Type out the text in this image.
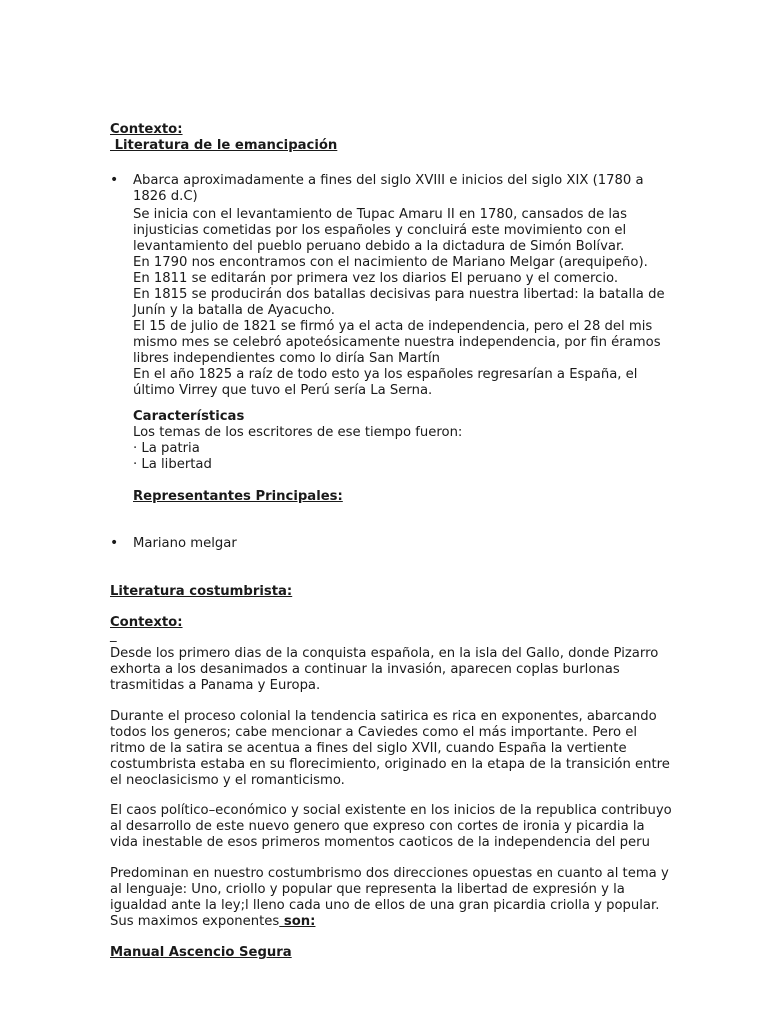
Contexto:
Literatura de le emancipación
• Abarca aproximadamente a fines del siglo XVIII e inicios del siglo XIX (1780 a
1826 d.C)
Se inicia con el levantamiento de Tupac Amaru II en 1780, cansados de las
injusticias cometidas por los españoles y concluirá este movimiento con el
levantamiento del pueblo peruano debido a la dictadura de Simón Bolívar.
En 1790 nos encontramos con el nacimiento de Mariano Melgar (arequipeño).
En 1811 se editarán por primera vez los diarios El peruano y el comercio.
En 1815 se producirán dos batallas decisivas para nuestra libertad: la batalla de
Junín y la batalla de Ayacucho.
El 15 de julio de 1821 se firmó ya el acta de independencia, pero el 28 del mis
mismo mes se celebró apoteósicamente nuestra independencia, por fin éramos
libres independientes como lo diría San Martín
En el año 1825 a raíz de todo esto ya los españoles regresarían a España, el
último Virrey que tuvo el Perú sería La Serna.
Características
Los temas de los escritores de ese tiempo fueron:
· La patria
· La libertad
Representantes Principales:
• Mariano melgar
Literatura costumbrista:
Contexto:
_
Desde los primero dias de la conquista española, en la isla del Gallo, donde Pizarro
exhorta a los desanimados a continuar la invasión, aparecen coplas burlonas
trasmitidas a Panama y Europa.
Durante el proceso colonial la tendencia satirica es rica en exponentes, abarcando
todos los generos; cabe mencionar a Caviedes como el más importante. Pero el
ritmo de la satira se acentua a fines del siglo XVII, cuando España la vertiente
costumbrista estaba en su florecimiento, originado en la etapa de la transición entre
el neoclasicismo y el romanticismo.
El caos político–económico y social existente en los inicios de la republica contribuyo
al desarrollo de este nuevo genero que expreso con cortes de ironia y picardia la
vida inestable de esos primeros momentos caoticos de la independencia del peru
Predominan en nuestro costumbrismo dos direcciones opuestas en cuanto al tema y
al lenguaje: Uno, criollo y popular que representa la libertad de expresión y la
igualdad ante la ley;l lleno cada uno de ellos de una gran picardia criolla y popular.
Sus maximos exponentes son:
Manual Ascencio Segura
